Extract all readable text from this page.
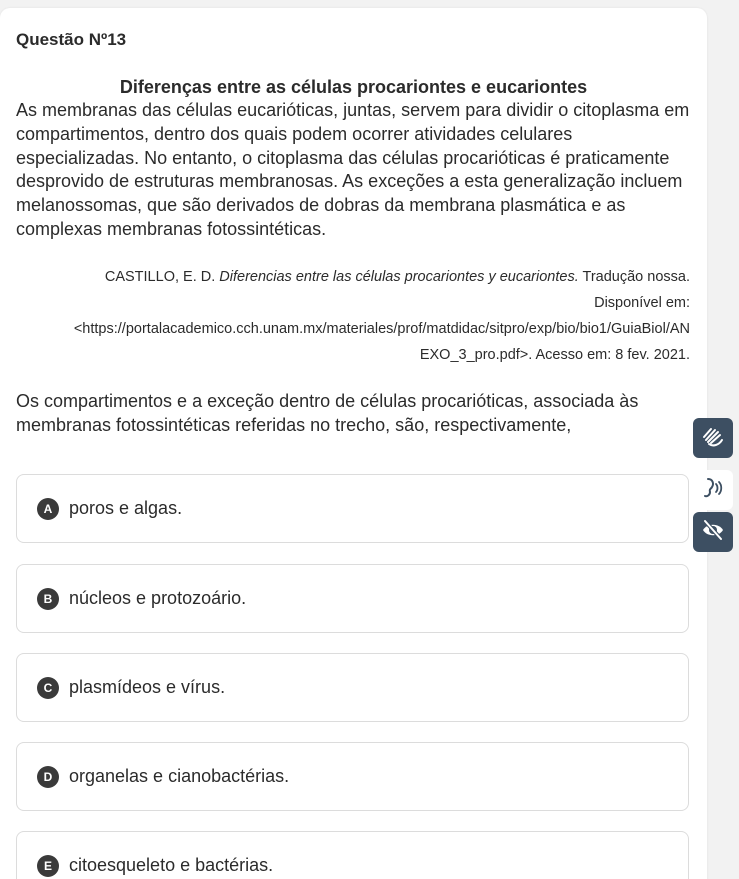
Questão Nº13
Diferenças entre as células procariontes e eucariontes
As membranas das células eucarióticas, juntas, servem para dividir o citoplasma em compartimentos, dentro dos quais podem ocorrer atividades celulares especializadas. No entanto, o citoplasma das células procarióticas é praticamente desprovido de estruturas membranosas. As exceções a esta generalização incluem melanossomas, que são derivados de dobras da membrana plasmática e as complexas membranas fotossintéticas.
CASTILLO, E. D. Diferencias entre las células procariontes y eucariontes. Tradução nossa.
Disponível em:
<https://portalacademico.cch.unam.mx/materiales/prof/matdidac/sitpro/exp/bio/bio1/GuiaBiol/AN
EXO_3_pro.pdf>. Acesso em: 8 fev. 2021.
Os compartimentos e a exceção dentro de células procarióticas, associada às membranas fotossintéticas referidas no trecho, são, respectivamente,
A poros e algas.
B núcleos e protozoário.
C plasmídeos e vírus.
D organelas e cianobactérias.
E citoesqueleto e bactérias.
